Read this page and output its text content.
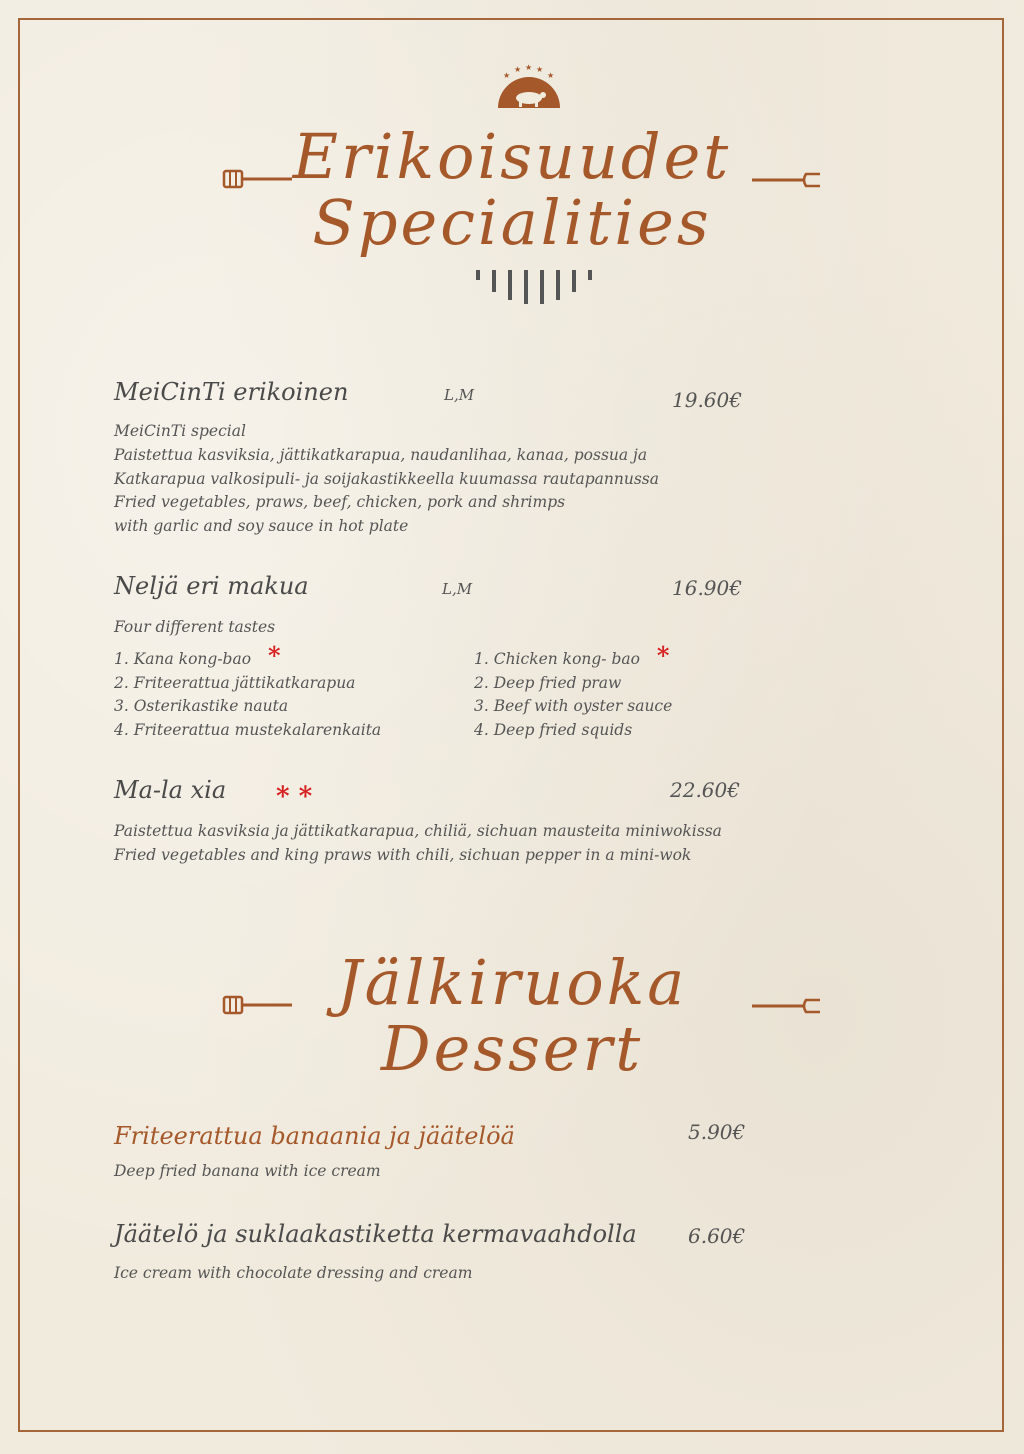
★
★ ★ ★
★
Erikoisuudet
Specialities
MeiCinTi erikoinen	L,M	19.60€
MeiCinTi special
Paistettua kasviksia, jättikatkarapua, naudanlihaa, kanaa, possua ja
Katkarapua valkosipuli- ja soijakastikkeella kuumassa rautapannussa
Fried vegetables, praws, beef, chicken, pork and shrimps
with garlic and soy sauce in hot plate
Neljä eri makua	L,M	16.90€
Four different tastes
1. Kana kong-bao *
2. Friteerattua jättikatkarapua
3. Osterikastike nauta
4. Friteerattua mustekalarenkaita
1. Chicken kong- bao *
2. Deep fried praw
3. Beef with oyster sauce
4. Deep fried squids
Ma-la xia * *	22.60€
Paistettua kasviksia ja jättikatkarapua, chiliä, sichuan mausteita miniwokissa
Fried vegetables and king praws with chili, sichuan pepper in a mini-wok
Jälkiruoka
Dessert
Friteerattua banaania ja jäätelöä	5.90€
Deep fried banana with ice cream
Jäätelö ja suklaakastiketta kermavaahdolla	6.60€
Ice cream with chocolate dressing and cream
